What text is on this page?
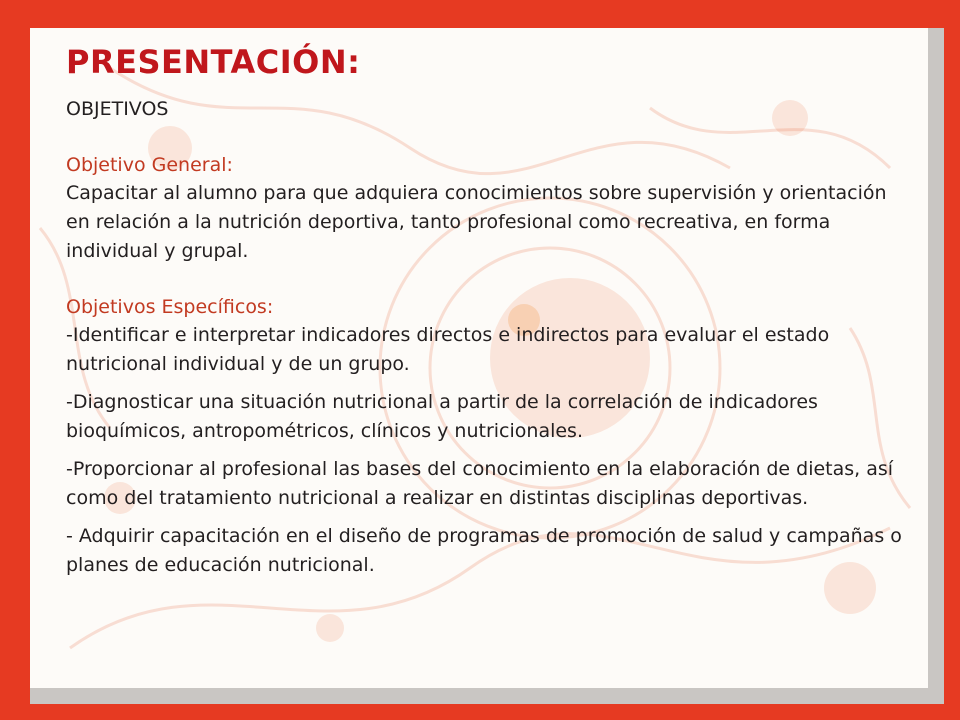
PRESENTACIÓN:
OBJETIVOS
Objetivo General:
Capacitar al alumno para que adquiera conocimientos sobre supervisión y orientación en relación a la nutrición deportiva, tanto profesional como recreativa, en forma individual y grupal.
Objetivos Específicos:
-Identificar e interpretar indicadores directos e indirectos para evaluar el estado nutricional individual y de un grupo.
-Diagnosticar una situación nutricional a partir de la correlación de indicadores bioquímicos, antropométricos, clínicos y nutricionales.
-Proporcionar al profesional las bases del conocimiento en la elaboración de dietas, así como del tratamiento nutricional a realizar en distintas disciplinas deportivas.
- Adquirir capacitación en el diseño de programas de promoción de salud y campañas o planes de educación nutricional.
